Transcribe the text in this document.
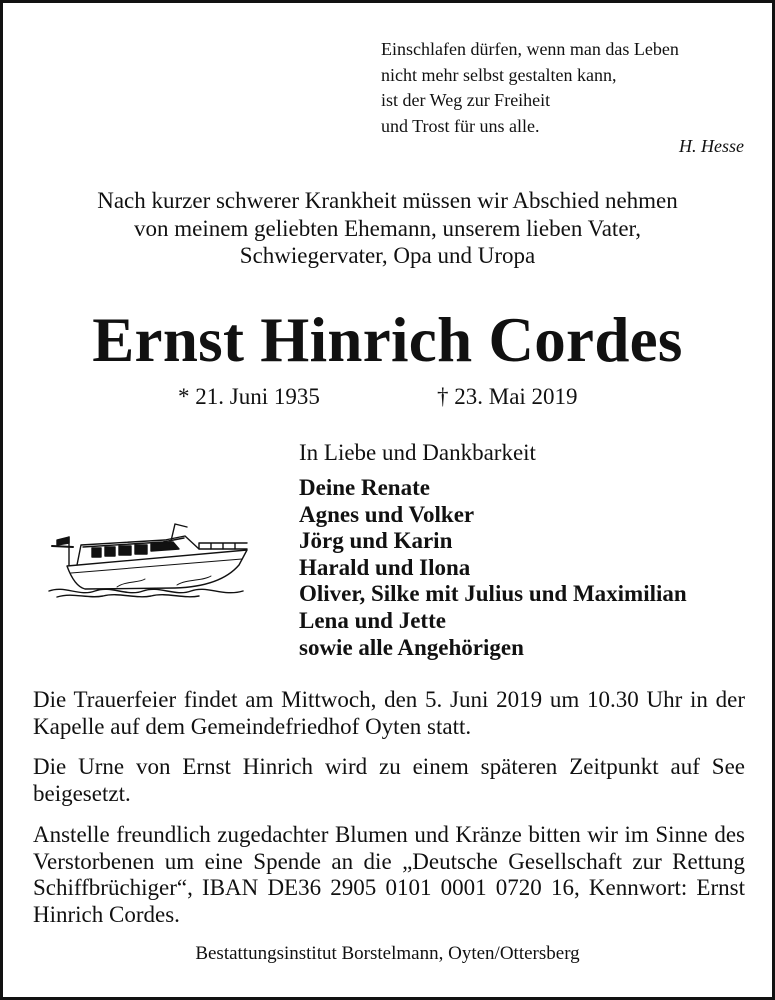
Einschlafen dürfen, wenn man das Leben
nicht mehr selbst gestalten kann,
ist der Weg zur Freiheit
und Trost für uns alle.
H. Hesse
Nach kurzer schwerer Krankheit müssen wir Abschied nehmen
von meinem geliebten Ehemann, unserem lieben Vater,
Schwiegervater, Opa und Uropa
Ernst Hinrich Cordes
* 21. Juni 1935	† 23. Mai 2019
In Liebe und Dankbarkeit
Deine Renate
Agnes und Volker
Jörg und Karin
Harald und Ilona
Oliver, Silke mit Julius und Maximilian
Lena und Jette
sowie alle Angehörigen

Die Trauerfeier findet am Mittwoch, den 5. Juni 2019 um 10.30 Uhr in der Kapelle auf dem Gemeindefriedhof Oyten statt.

Die Urne von Ernst Hinrich wird zu einem späteren Zeitpunkt auf See beigesetzt.

Anstelle freundlich zugedachter Blumen und Kränze bitten wir im Sinne des Verstorbenen um eine Spende an die „Deutsche Gesellschaft zur Rettung Schiffbrüchiger“, IBAN DE36 2905 0101 0001 0720 16, Kennwort: Ernst Hinrich Cordes.

Bestattungsinstitut Borstelmann, Oyten/Ottersberg
